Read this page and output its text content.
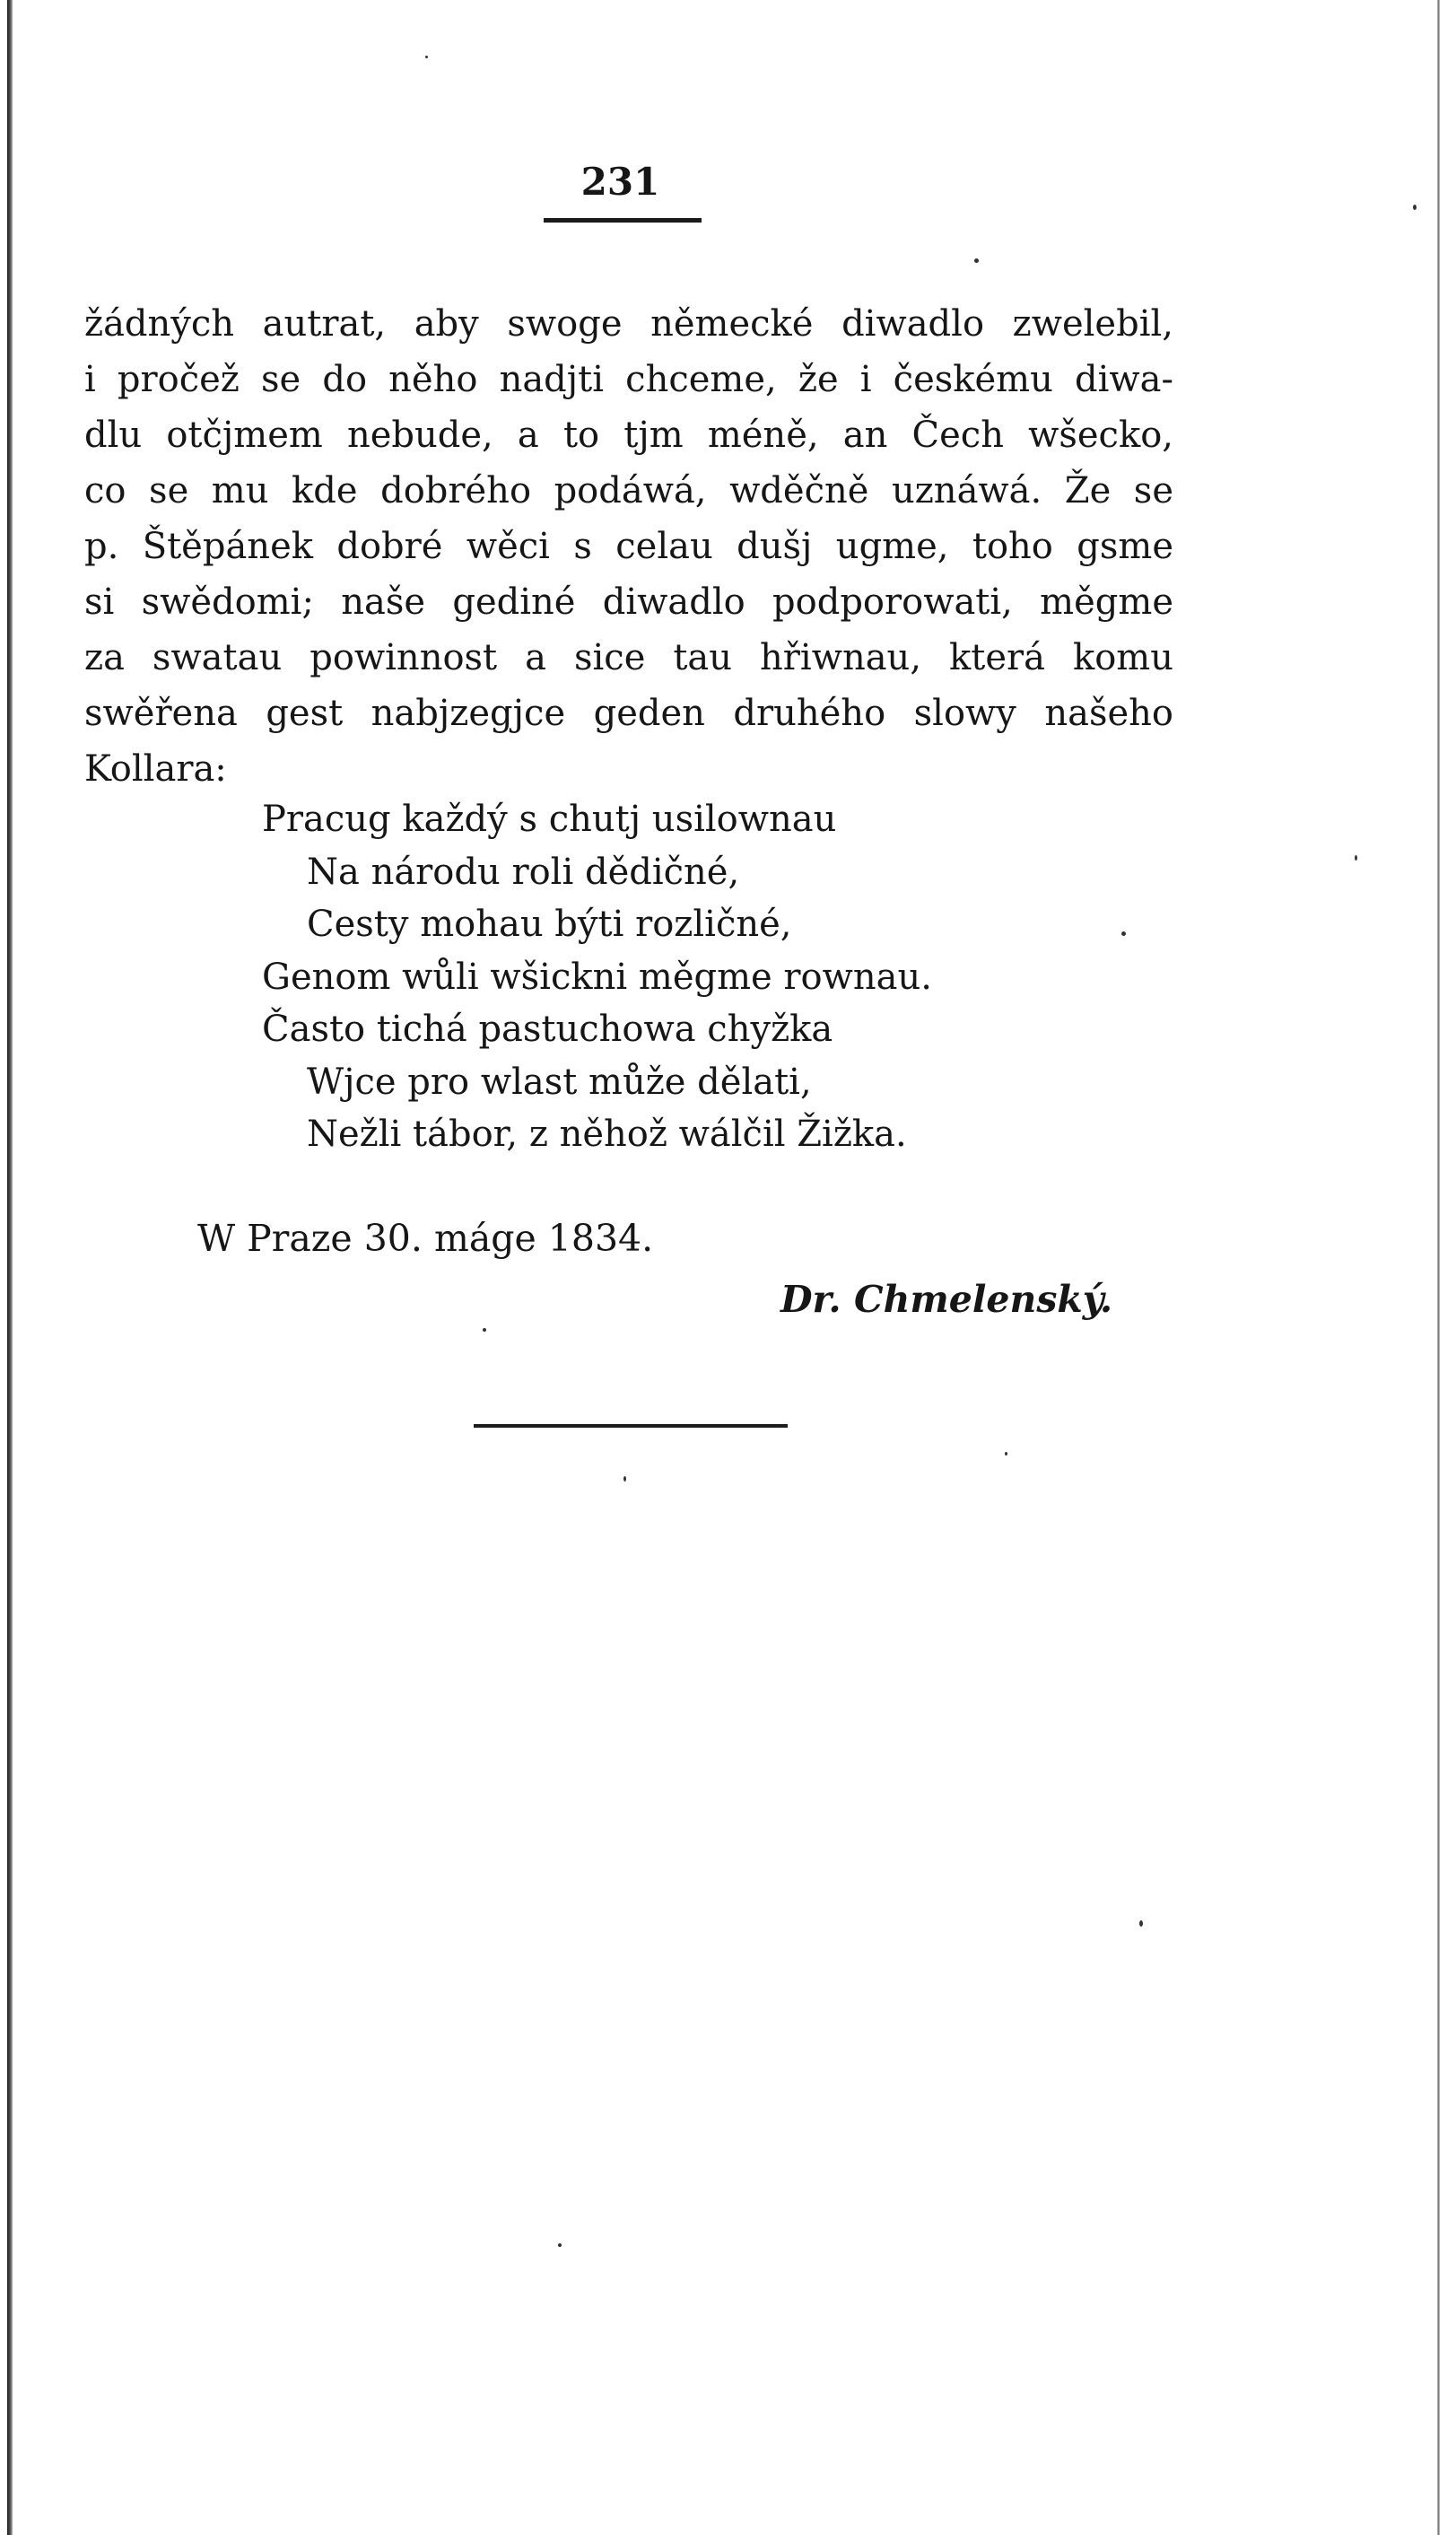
231
žádných autrat, aby swoge německé diwadlo zwelebil,
i pročež se do něho nadjti chceme, že i českému diwa-
dlu otčjmem nebude, a to tjm méně, an Čech wšecko,
co se mu kde dobrého podáwá, wděčně uznáwá. Že se
p. Štěpánek dobré wěci s celau dušj ugme, toho gsme
si swědomi; naše gediné diwadlo podporowati, měgme
za swatau powinnost a sice tau hřiwnau, která komu
swěřena gest nabjzegjce geden druhého slowy našeho
Kollara:
Pracug každý s chutj usilownau
Na národu roli dědičné,
Cesty mohau býti rozličné,
Genom wůli wšickni měgme rownau.
Často tichá pastuchowa chyžka
Wjce pro wlast může dělati,
Nežli tábor, z něhož wálčil Žižka.
W Praze 30. máge 1834.
Dr. Chmelenský.
